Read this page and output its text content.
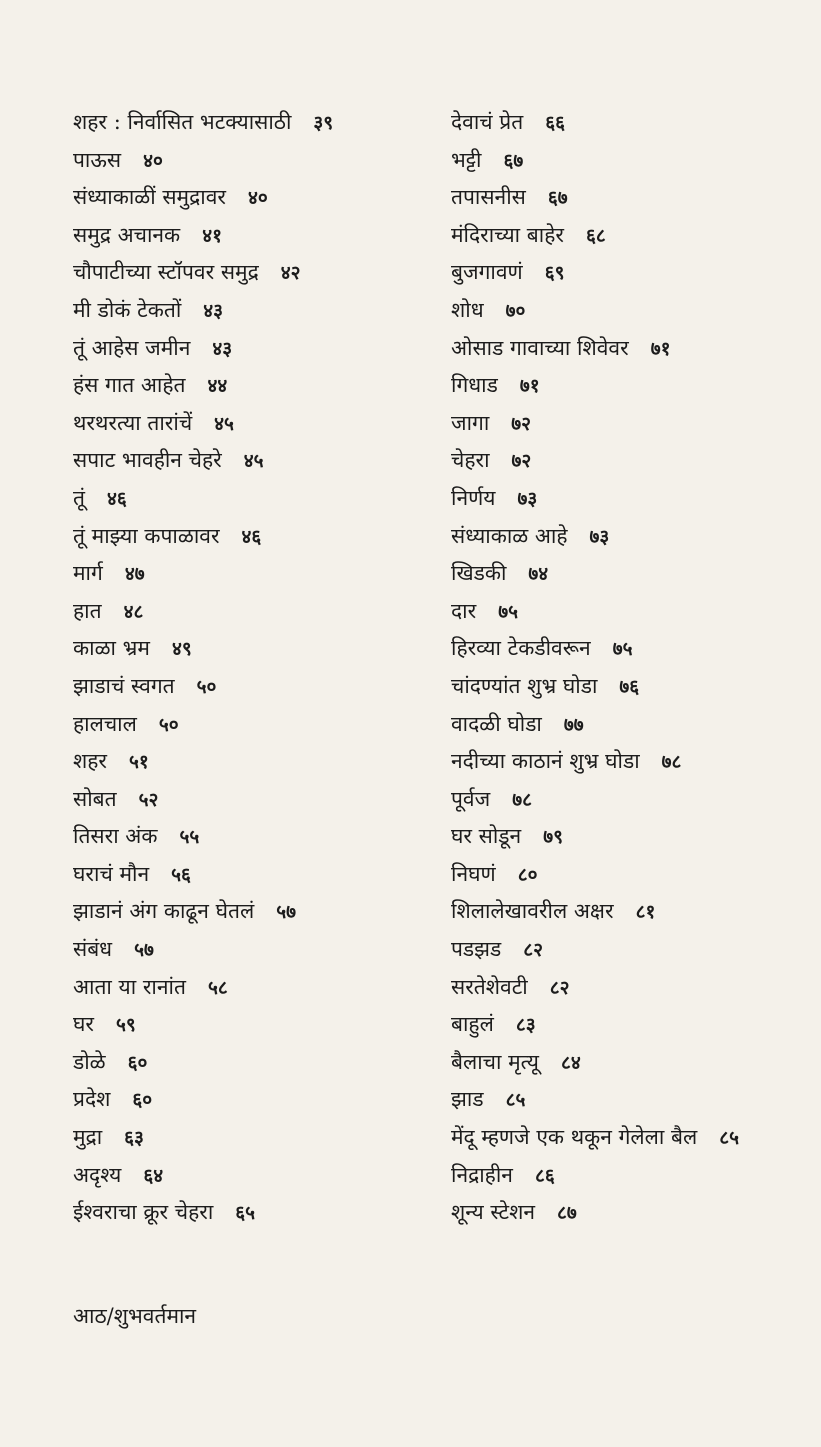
शहर : निर्वासित भटक्यासाठी ३९
पाऊस ४०
संध्याकाळीं समुद्रावर ४०
समुद्र अचानक ४१
चौपाटीच्या स्टॉपवर समुद्र ४२
मी डोकं टेकतों ४३
तूं आहेस जमीन ४३
हंस गात आहेत ४४
थरथरत्या तारांचें ४५
सपाट भावहीन चेहरे ४५
तूं ४६
तूं माझ्या कपाळावर ४६
मार्ग ४७
हात ४८
काळा भ्रम ४९
झाडाचं स्वगत ५०
हालचाल ५०
शहर ५१
सोबत ५२
तिसरा अंक ५५
घराचं मौन ५६
झाडानं अंग काढून घेतलं ५७
संबंध ५७
आता या रानांत ५८
घर ५९
डोळे ६०
प्रदेश ६०
मुद्रा ६३
अदृश्य ६४
ईश्वराचा क्रूर चेहरा ६५
देवाचं प्रेत ६६
भट्टी ६७
तपासनीस ६७
मंदिराच्या बाहेर ६८
बुजगावणं ६९
शोध ७०
ओसाड गावाच्या शिवेवर ७१
गिधाड ७१
जागा ७२
चेहरा ७२
निर्णय ७३
संध्याकाळ आहे ७३
खिडकी ७४
दार ७५
हिरव्या टेकडीवरून ७५
चांदण्यांत शुभ्र घोडा ७६
वादळी घोडा ७७
नदीच्या काठानं शुभ्र घोडा ७८
पूर्वज ७८
घर सोडून ७९
निघणं ८०
शिलालेखावरील अक्षर ८१
पडझड ८२
सरतेशेवटी ८२
बाहुलं ८३
बैलाचा मृत्यू ८४
झाड ८५
मेंदू म्हणजे एक थकून गेलेला बैल ८५
निद्राहीन ८६
शून्य स्टेशन ८७
आठ/शुभवर्तमान
